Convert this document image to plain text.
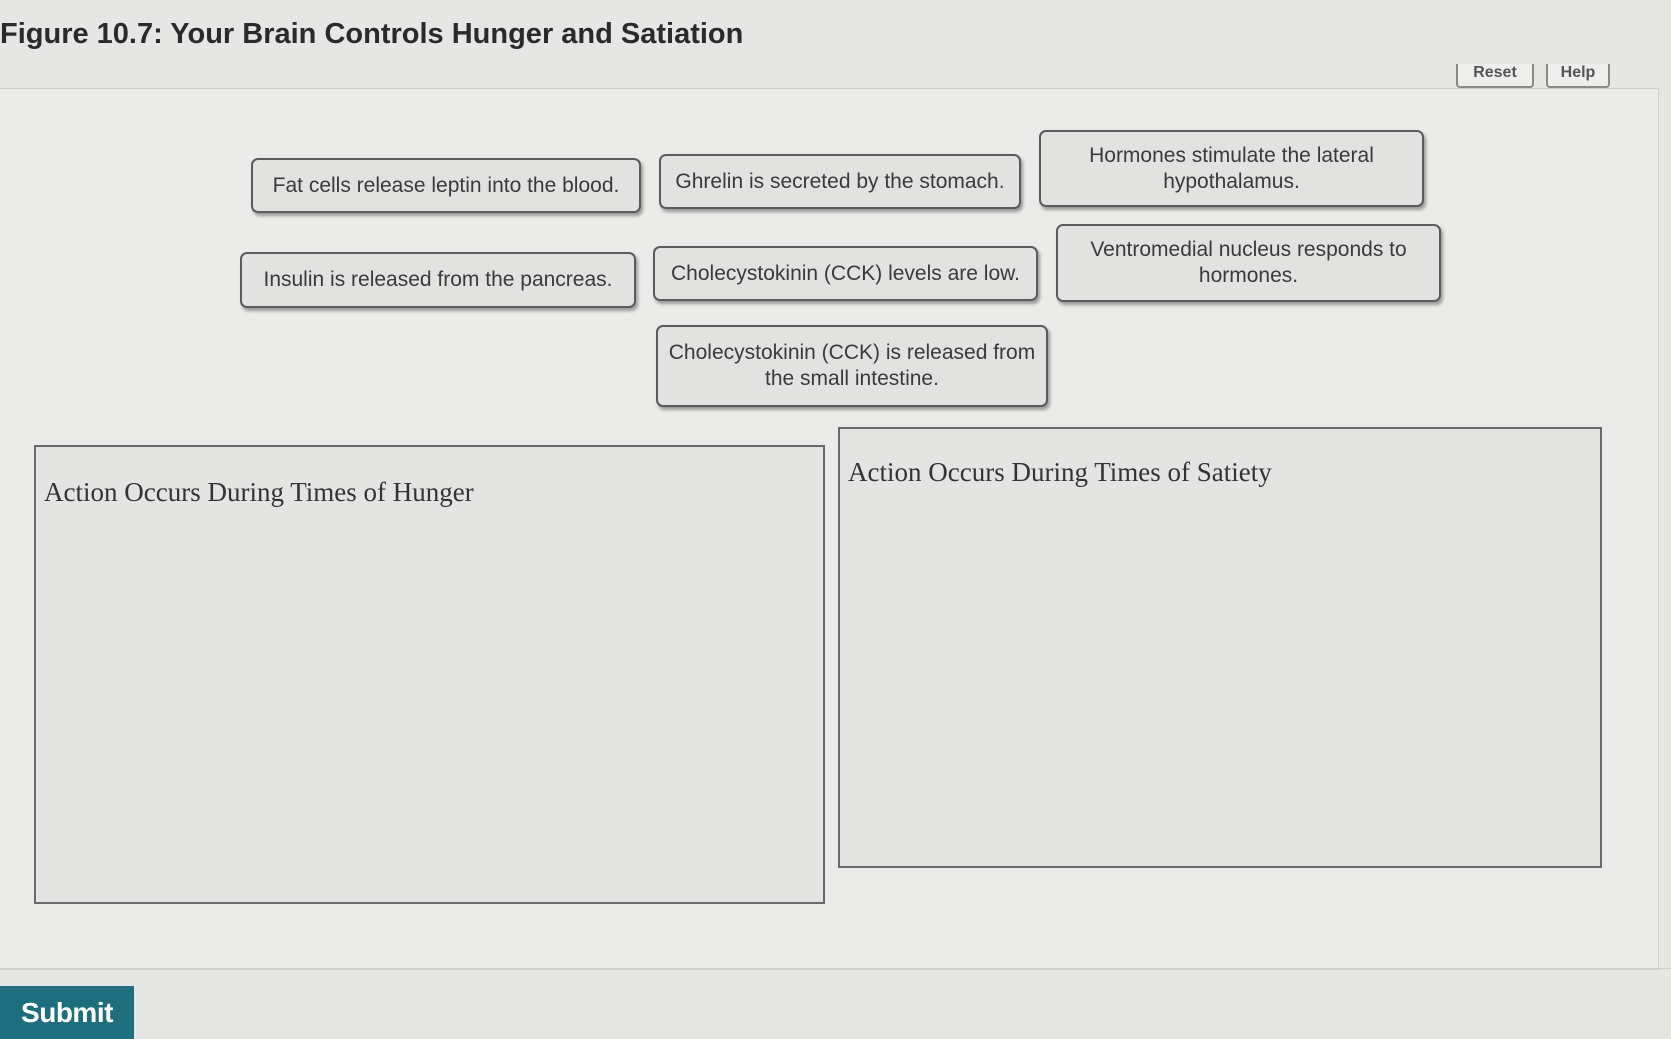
Figure 10.7: Your Brain Controls Hunger and Satiation
Reset	Help
Fat cells release leptin into the blood.	Ghrelin is secreted by the stomach.
Hormones stimulate the lateral hypothalamus.
Insulin is released from the pancreas.	Cholecystokinin (CCK) levels are low.
Ventromedial nucleus responds to hormones.
Cholecystokinin (CCK) is released from the small intestine.
Action Occurs During Times of Hunger
Action Occurs During Times of Satiety
Submit
